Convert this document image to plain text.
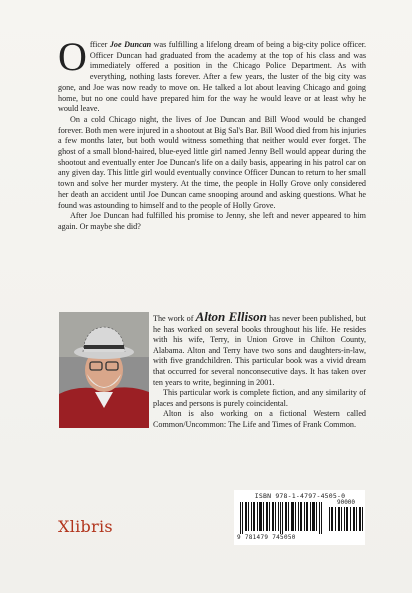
Officer Joe Duncan was fulfilling a lifelong dream of being a big-city police officer. Officer Duncan had graduated from the academy at the top of his class and was immediately offered a position in the Chicago Police Department. As with everything, nothing lasts forever. After a few years, the luster of the big city was gone, and Joe was now ready to move on. He talked a lot about leaving Chicago and going home, but no one could have prepared him for the way he would leave or at least why he would leave.

On a cold Chicago night, the lives of Joe Duncan and Bill Wood would be changed forever. Both men were injured in a shootout at Big Sal's Bar. Bill Wood died from his injuries a few months later, but both would witness something that neither would ever forget. The ghost of a small blond-haired, blue-eyed little girl named Jenny Bell would appear during the shootout and eventually enter Joe Duncan's life on a daily basis, appearing in his patrol car on any given day. This little girl would eventually convince Officer Duncan to return to her small town and solve her murder mystery. At the time, the people in Holly Grove only considered her death an accident until Joe Duncan came snooping around and asking questions. What he found was astounding to himself and to the people of Holly Grove.

After Joe Duncan had fulfilled his promise to Jenny, she left and never appeared to him again. Or maybe she did?

The work of Alton Ellison has never been published, but he has worked on several books throughout his life. He resides with his wife, Terry, in Union Grove in Chilton County, Alabama. Alton and Terry have two sons and daughters-in-law, with five grandchildren. This particular book was a vivid dream that occurred for several nonconsecutive days. It has taken over ten years to write, beginning in 2001.

This particular work is complete fiction, and any similarity of places and persons is purely coincidental.

Alton is also working on a fictional Western called Common/Uncommon: The Life and Times of Frank Common.

Xlibris
ISBN 978-1-4797-4505-0
90000
9 781479 745050
